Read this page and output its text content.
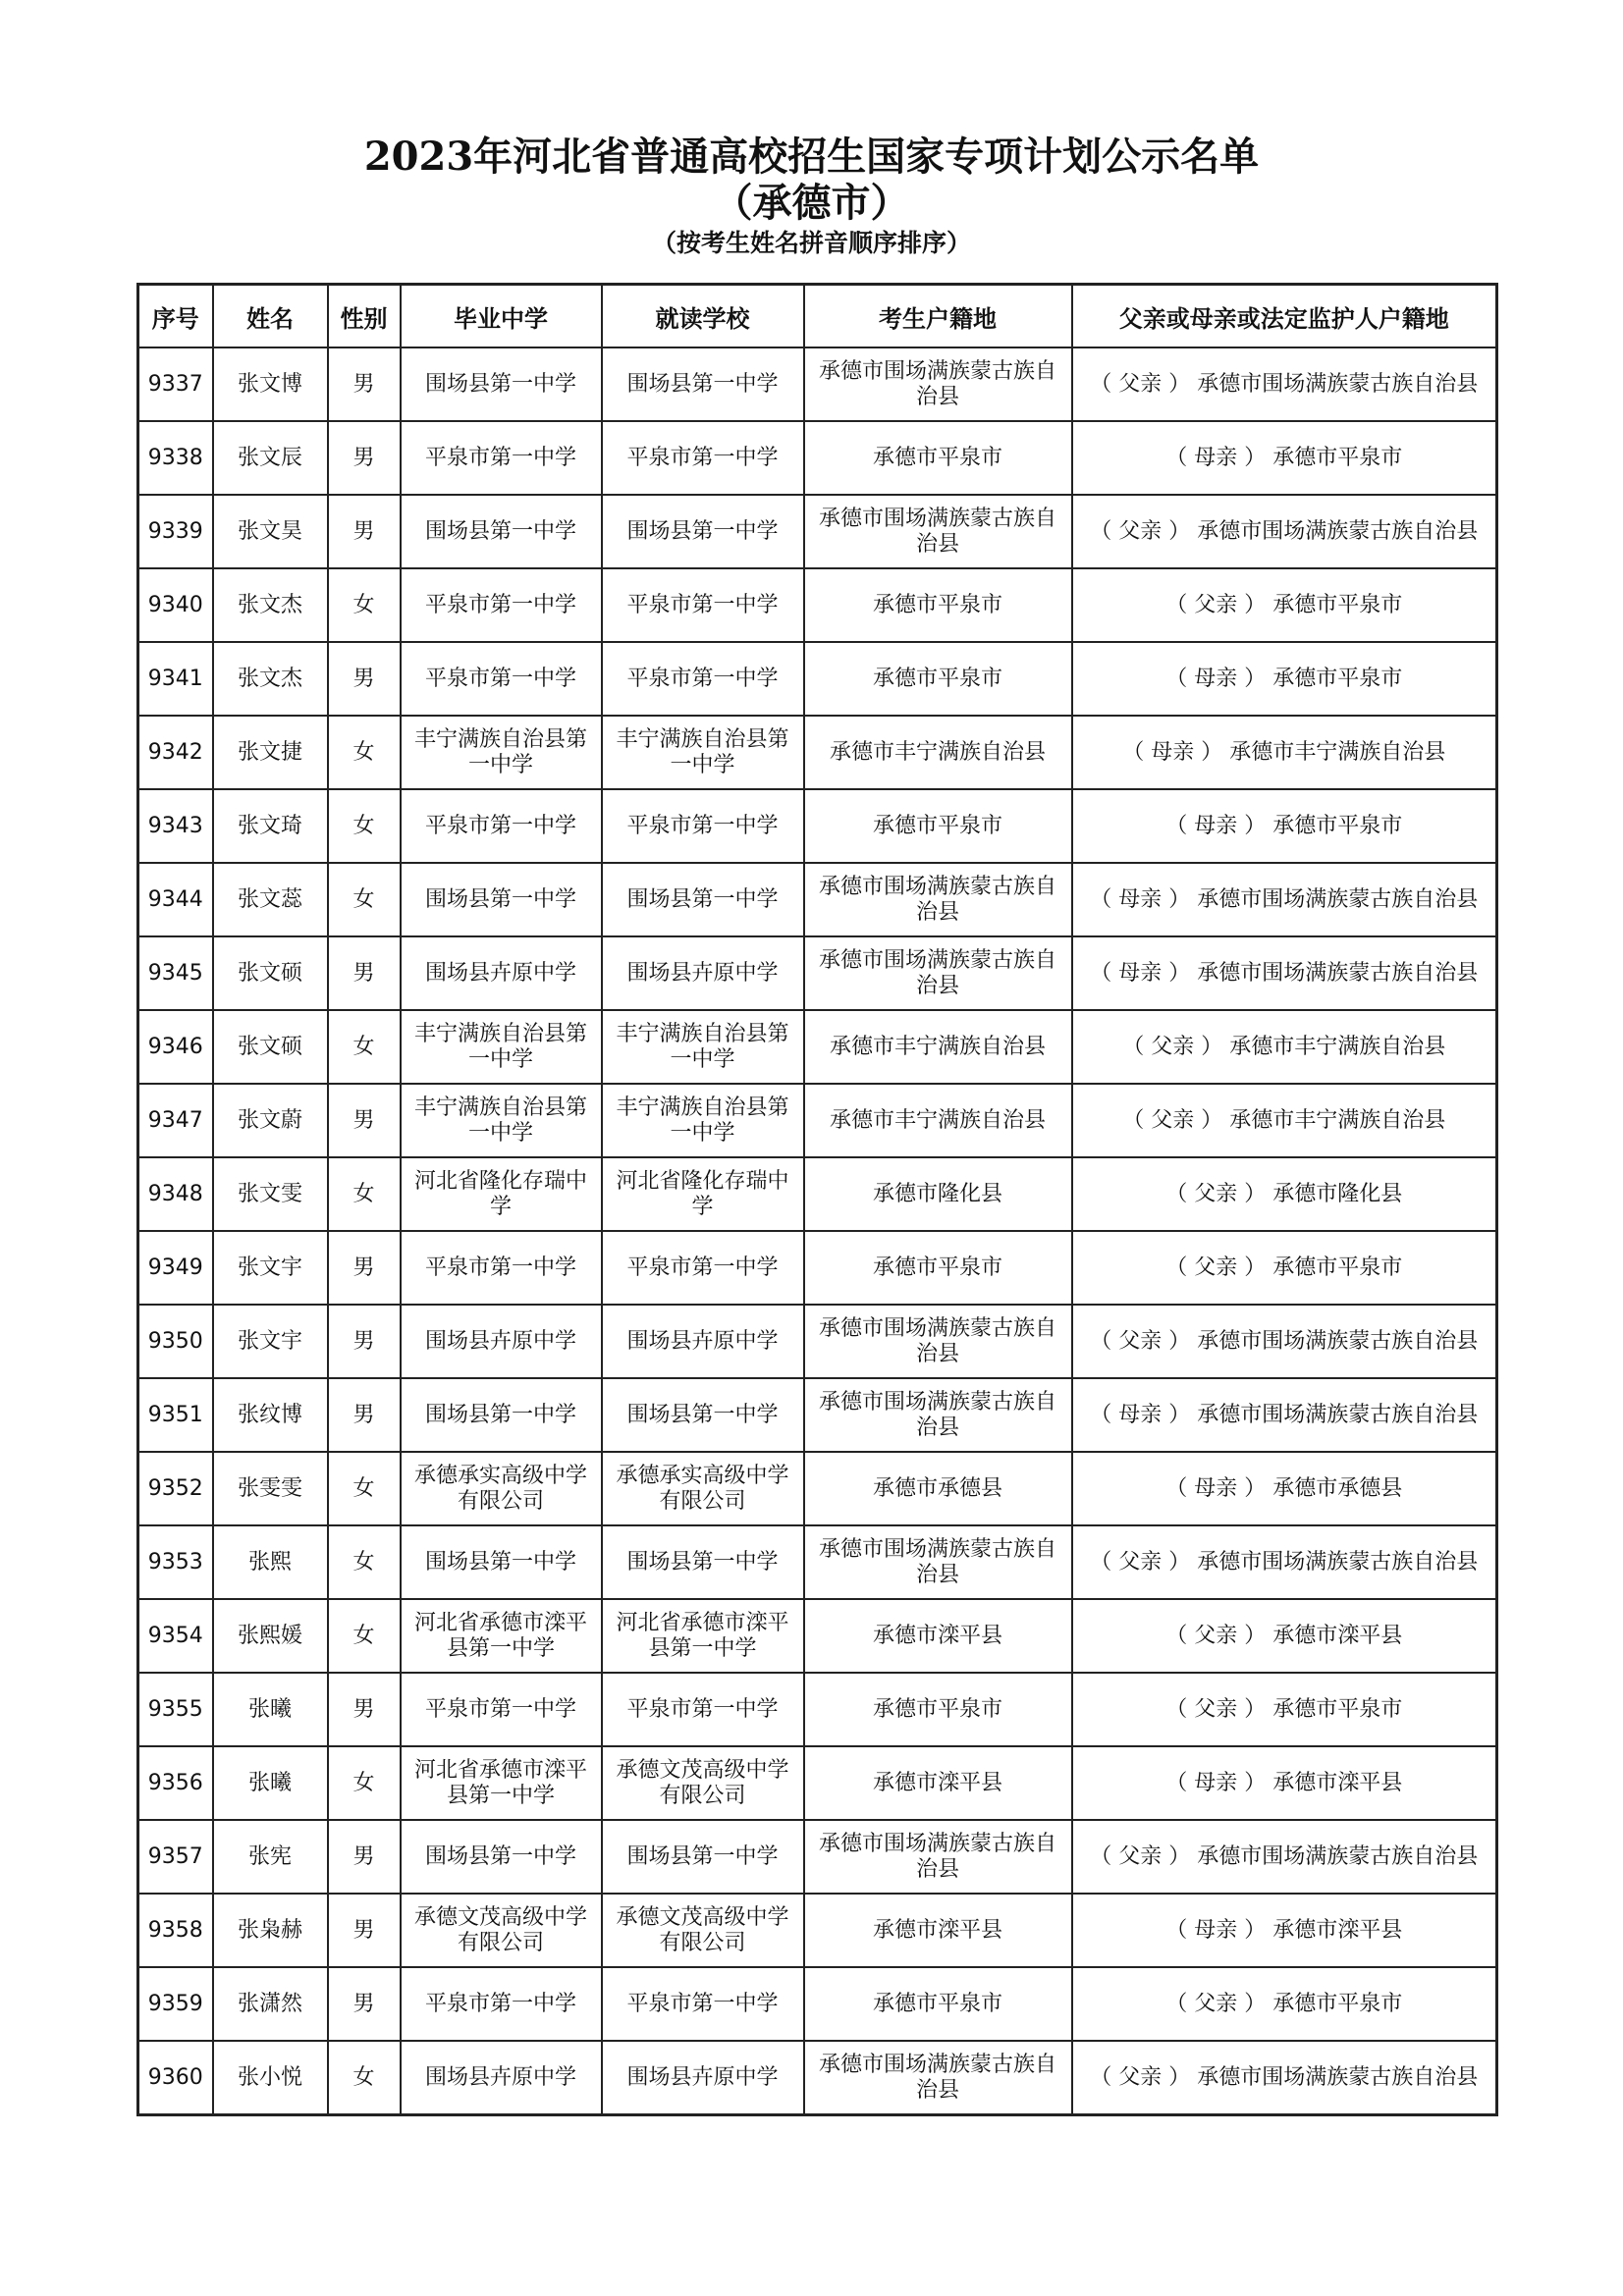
2023年河北省普通高校招生国家专项计划公示名单
（承德市）
（按考生姓名拼音顺序排序）
序号	姓名	性别	毕业中学	就读学校	考生户籍地	父亲或母亲或法定监护人户籍地
9337	张文博	男	围场县第一中学	围场县第一中学	承德市围场满族蒙古族自治县	（ 父亲 ） 承德市围场满族蒙古族自治县
9338	张文辰	男	平泉市第一中学	平泉市第一中学	承德市平泉市	（ 母亲 ） 承德市平泉市
9339	张文昊	男	围场县第一中学	围场县第一中学	承德市围场满族蒙古族自治县	（ 父亲 ） 承德市围场满族蒙古族自治县
9340	张文杰	女	平泉市第一中学	平泉市第一中学	承德市平泉市	（ 父亲 ） 承德市平泉市
9341	张文杰	男	平泉市第一中学	平泉市第一中学	承德市平泉市	（ 母亲 ） 承德市平泉市
9342	张文捷	女	丰宁满族自治县第一中学	丰宁满族自治县第一中学	承德市丰宁满族自治县	（ 母亲 ） 承德市丰宁满族自治县
9343	张文琦	女	平泉市第一中学	平泉市第一中学	承德市平泉市	（ 母亲 ） 承德市平泉市
9344	张文蕊	女	围场县第一中学	围场县第一中学	承德市围场满族蒙古族自治县	（ 母亲 ） 承德市围场满族蒙古族自治县
9345	张文硕	男	围场县卉原中学	围场县卉原中学	承德市围场满族蒙古族自治县	（ 母亲 ） 承德市围场满族蒙古族自治县
9346	张文硕	女	丰宁满族自治县第一中学	丰宁满族自治县第一中学	承德市丰宁满族自治县	（ 父亲 ） 承德市丰宁满族自治县
9347	张文蔚	男	丰宁满族自治县第一中学	丰宁满族自治县第一中学	承德市丰宁满族自治县	（ 父亲 ） 承德市丰宁满族自治县
9348	张文雯	女	河北省隆化存瑞中学	河北省隆化存瑞中学	承德市隆化县	（ 父亲 ） 承德市隆化县
9349	张文宇	男	平泉市第一中学	平泉市第一中学	承德市平泉市	（ 父亲 ） 承德市平泉市
9350	张文宇	男	围场县卉原中学	围场县卉原中学	承德市围场满族蒙古族自治县	（ 父亲 ） 承德市围场满族蒙古族自治县
9351	张纹博	男	围场县第一中学	围场县第一中学	承德市围场满族蒙古族自治县	（ 母亲 ） 承德市围场满族蒙古族自治县
9352	张雯雯	女	承德承实高级中学有限公司	承德承实高级中学有限公司	承德市承德县	（ 母亲 ） 承德市承德县
9353	张熙	女	围场县第一中学	围场县第一中学	承德市围场满族蒙古族自治县	（ 父亲 ） 承德市围场满族蒙古族自治县
9354	张熙媛	女	河北省承德市滦平县第一中学	河北省承德市滦平县第一中学	承德市滦平县	（ 父亲 ） 承德市滦平县
9355	张曦	男	平泉市第一中学	平泉市第一中学	承德市平泉市	（ 父亲 ） 承德市平泉市
9356	张曦	女	河北省承德市滦平县第一中学	承德文茂高级中学有限公司	承德市滦平县	（ 母亲 ） 承德市滦平县
9357	张宪	男	围场县第一中学	围场县第一中学	承德市围场满族蒙古族自治县	（ 父亲 ） 承德市围场满族蒙古族自治县
9358	张枭赫	男	承德文茂高级中学有限公司	承德文茂高级中学有限公司	承德市滦平县	（ 母亲 ） 承德市滦平县
9359	张潇然	男	平泉市第一中学	平泉市第一中学	承德市平泉市	（ 父亲 ） 承德市平泉市
9360	张小悦	女	围场县卉原中学	围场县卉原中学	承德市围场满族蒙古族自治县	（ 父亲 ） 承德市围场满族蒙古族自治县
